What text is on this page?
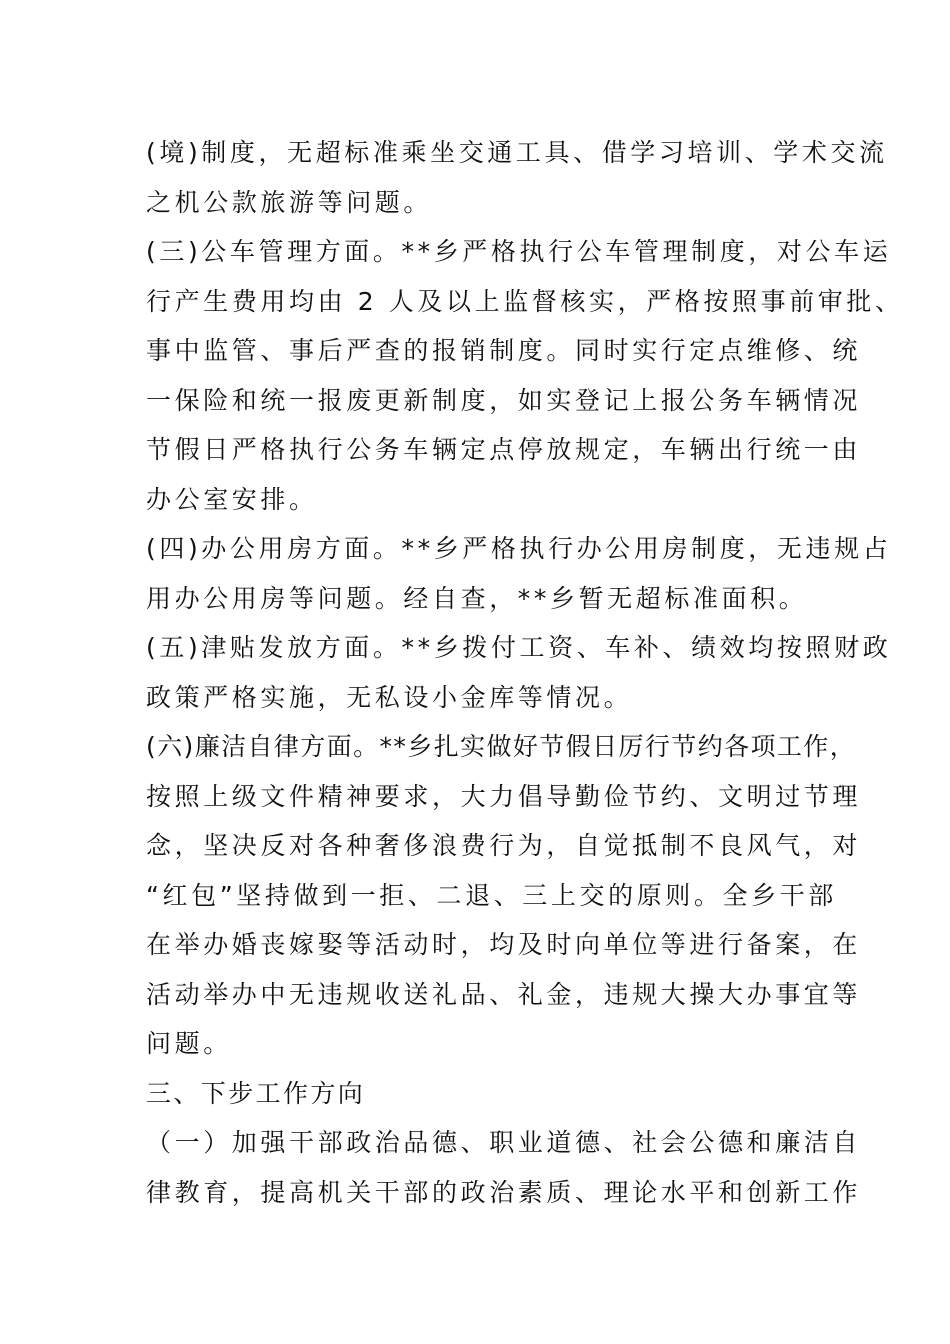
(境)制度，无超标准乘坐交通工具、借学习培训、学术交流
之机公款旅游等问题。
(三)公车管理方面。**乡严格执行公车管理制度，对公车运
行产生费用均由 2 人及以上监督核实，严格按照事前审批、
事中监管、事后严查的报销制度。同时实行定点维修、统
一保险和统一报废更新制度，如实登记上报公务车辆情况
节假日严格执行公务车辆定点停放规定，车辆出行统一由
办公室安排。
(四)办公用房方面。**乡严格执行办公用房制度，无违规占
用办公用房等问题。经自查，**乡暂无超标准面积。
(五)津贴发放方面。**乡拨付工资、车补、绩效均按照财政
政策严格实施，无私设小金库等情况。
(六)廉洁自律方面。**乡扎实做好节假日厉行节约各项工作，
按照上级文件精神要求，大力倡导勤俭节约、文明过节理
念，坚决反对各种奢侈浪费行为，自觉抵制不良风气，对
“红包”坚持做到一拒、二退、三上交的原则。全乡干部
在举办婚丧嫁娶等活动时，均及时向单位等进行备案，在
活动举办中无违规收送礼品、礼金，违规大操大办事宜等
问题。
三、下步工作方向
（一）加强干部政治品德、职业道德、社会公德和廉洁自
律教育，提高机关干部的政治素质、理论水平和创新工作
